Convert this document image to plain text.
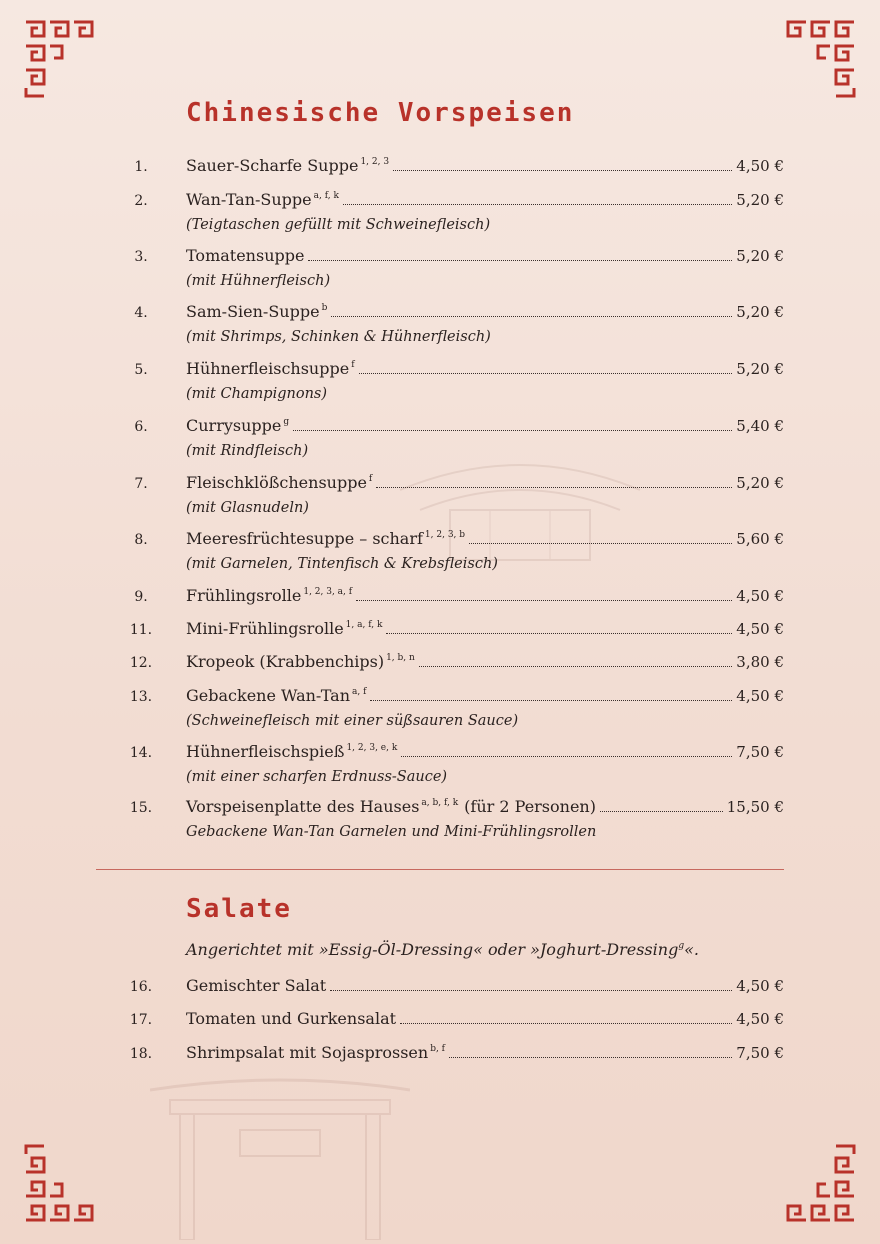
Chinesische Vorspeisen
1.	Sauer-Scharfe Suppe $^{1, 2, 3}$	4,50 €
2.	Wan-Tan-Suppe $^{a, f, k}$	5,20 €
(Teigtaschen gefüllt mit Schweinefleisch)
3.	Tomatensuppe	5,20 €
(mit Hühnerfleisch)
4.	Sam-Sien-Suppe $^b$	5,20 €
(mit Shrimps, Schinken & Hühnerfleisch)
5.	Hühnerfleischsuppe $^f$	5,20 €
(mit Champignons)
6.	Currysuppe $^g$	5,40 €
(mit Rindfleisch)
7.	Fleischklößchensuppe $^f$	5,20 €
(mit Glasnudeln)
8.	Meeresfrüchtesuppe – scharf $^{1, 2, 3, b}$	5,60 €
(mit Garnelen, Tintenfisch & Krebsfleisch)
9.	Frühlingsrolle $^{1, 2, 3, a, f}$	4,50 €
11.	Mini-Frühlingsrolle $^{1, a, f, k}$	4,50 €
12.	Kropeok (Krabbenchips) $^{1, b, n}$	3,80 €
13.	Gebackene Wan-Tan $^{a, f}$	4,50 €
(Schweinefleisch mit einer süßsauren Sauce)
14.	Hühnerfleischspieß $^{1, 2, 3, e, k}$	7,50 €
(mit einer scharfen Erdnuss-Sauce)
15.	Vorspeisenplatte des Hauses $^{a, b, f, k}$ (für 2 Personen)	15,50 €
Gebackene Wan-Tan Garnelen und Mini-Frühlingsrollen
Salate
Angerichtet mit »Essig-Öl-Dressing« oder »Joghurt-Dressing$^g$«.
16.	Gemischter Salat	4,50 €
17.	Tomaten und Gurkensalat	4,50 €
18.	Shrimpsalat mit Sojasprossen $^{b, f}$	7,50 €
